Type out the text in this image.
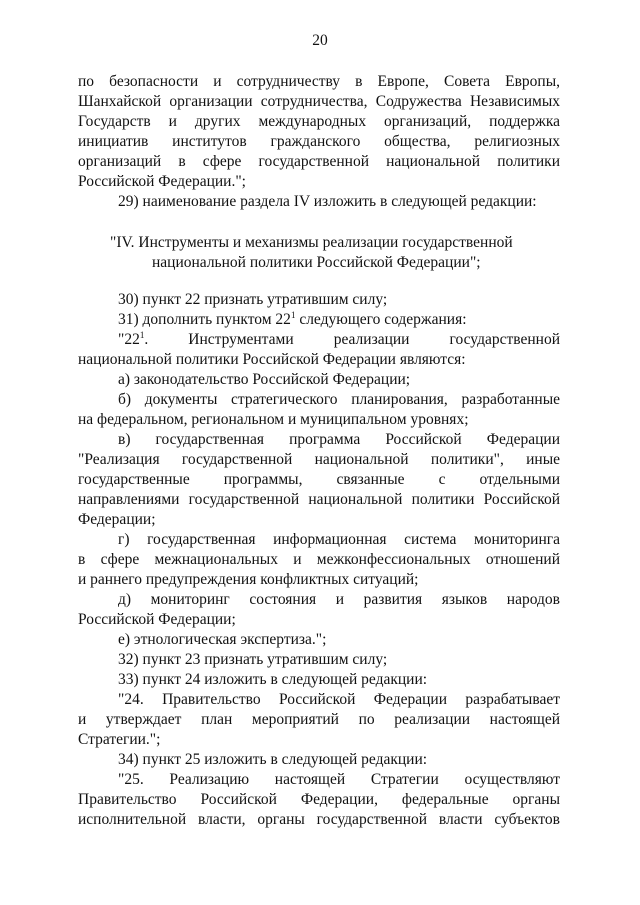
20
по безопасности и сотрудничеству в Европе, Совета Европы,
Шанхайской организации сотрудничества, Содружества Независимых
Государств и других международных организаций, поддержка
инициатив институтов гражданского общества, религиозных
организаций в сфере государственной национальной политики
Российской Федерации.";
29) наименование раздела IV изложить в следующей редакции:
"IV. Инструменты и механизмы реализации государственной
национальной политики Российской Федерации";
30) пункт 22 признать утратившим силу;
31) дополнить пунктом $22^1$ следующего содержания:
"$22^1$. Инструментами реализации государственной
национальной политики Российской Федерации являются:
а) законодательство Российской Федерации;
б) документы стратегического планирования, разработанные
на федеральном, региональном и муниципальном уровнях;
в) государственная программа Российской Федерации
"Реализация государственной национальной политики", иные
государственные программы, связанные с отдельными
направлениями государственной национальной политики Российской
Федерации;
г) государственная информационная система мониторинга
в сфере межнациональных и межконфессиональных отношений
и раннего предупреждения конфликтных ситуаций;
д) мониторинг состояния и развития языков народов
Российской Федерации;
е) этнологическая экспертиза.";
32) пункт 23 признать утратившим силу;
33) пункт 24 изложить в следующей редакции:
"24. Правительство Российской Федерации разрабатывает
и утверждает план мероприятий по реализации настоящей
Стратегии.";
34) пункт 25 изложить в следующей редакции:
"25. Реализацию настоящей Стратегии осуществляют
Правительство Российской Федерации, федеральные органы
исполнительной власти, органы государственной власти субъектов
